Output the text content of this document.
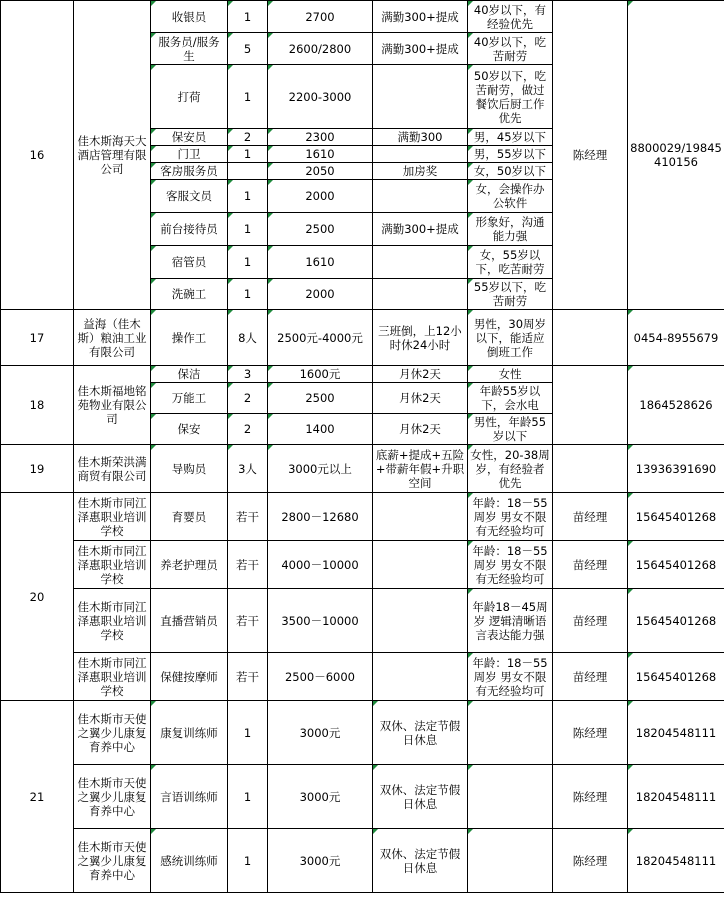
16	佳木斯海天大酒店管理有限公司	收银员	1	2700	满勤300+提成	40岁以下，有经验优先	陈经理	8800029/19845410156
		服务员/服务生	5	2600/2800	满勤300+提成	40岁以下，吃苦耐劳		
		打荷	1	2200-3000		50岁以下，吃苦耐劳，做过餐饮后厨工作优先		
		保安员	2	2300	满勤300	男，45岁以下		
		门卫	1	1610		男，55岁以下		
		客房服务员		2050	加房奖	女，50岁以下		
		客服文员	1	2000		女，会操作办公软件		
		前台接待员	1	2500	满勤300+提成	形象好，沟通能力强		
		宿管员	1	1610		女，55岁以下，吃苦耐劳		
		洗碗工	1	2000		55岁以下，吃苦耐劳		
17	益海（佳木斯）粮油工业有限公司	操作工	8人	2500元-4000元	三班倒，上12小时休24小时	男性，30周岁以下，能适应倒班工作		0454-8955679
18	佳木斯福地铭苑物业有限公司	保洁	3	1600元	月休2天	女性		18645286​26
		万能工	2	2500	月休2天	年龄55岁以下，会水电		
		保安	2	1400	月休2天	男性，年龄55岁以下		
19	佳木斯荣洪满商贸有限公司	导购员	3人	3000元以上	底薪+提成+五险+带薪年假+升职空间	女性，20-38周岁，有经验者优先		13936391690
20	佳木斯市同江泽惠职业培训学校	育婴员	若干	2800－12680		年龄：18－55周岁 男女不限有无经验均可	苗经理	15645401268
	佳木斯市同江泽惠职业培训学校	养老护理员	若干	4000－10000		年龄：18－55周岁 男女不限有无经验均可	苗经理	15645401268
	佳木斯市同江泽惠职业培训学校	直播营销员	若干	3500－10000		年龄18－45周岁 逻辑清晰语言表达能力强	苗经理	15645401268
	佳木斯市同江泽惠职业培训学校	保健按摩师	若干	2500－6000		年龄：18－55周岁 男女不限有无经验均可	苗经理	15645401268
21	佳木斯市天使之翼少儿康复育养中心	康复训练师	1	3000元	双休、法定节假日休息		陈经理	18204548111
	佳木斯市天使之翼少儿康复育养中心	言语训练师	1	3000元	双休、法定节假日休息		陈经理	18204548111
	佳木斯市天使之翼少儿康复育养中心	感统训练师	1	3000元	双休、法定节假日休息		陈经理	18204548111
